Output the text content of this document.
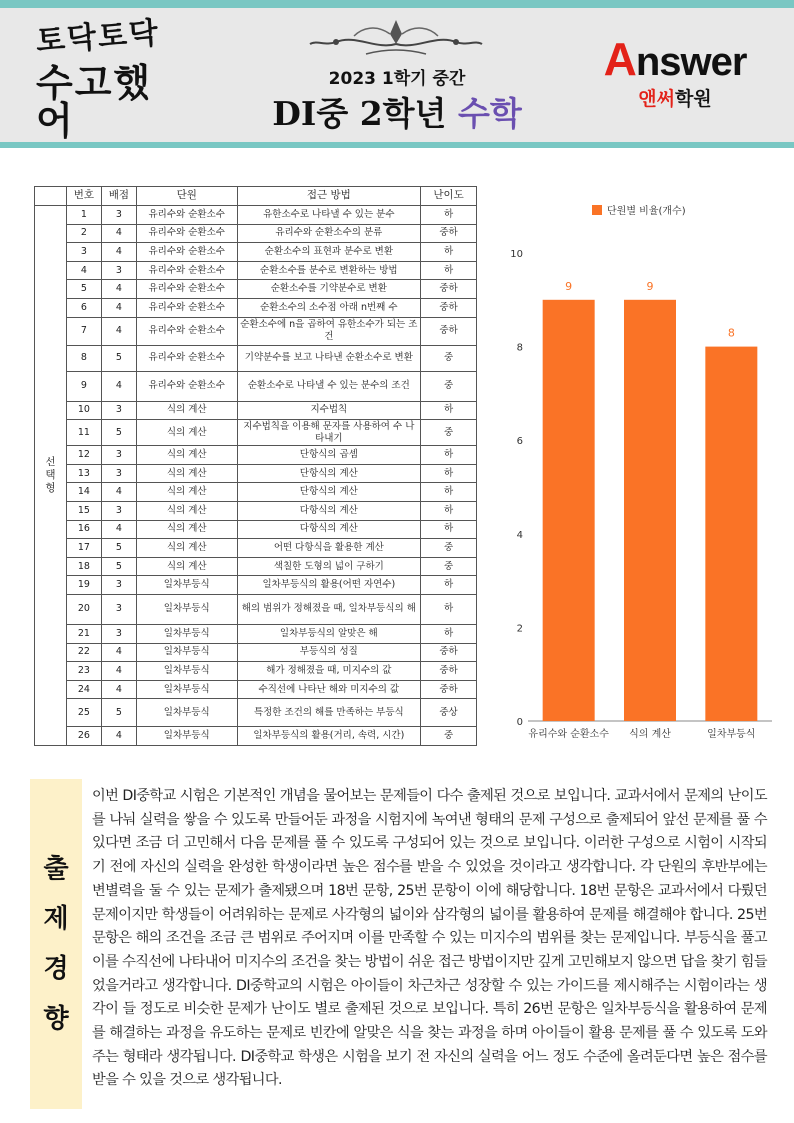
토닥토닥
수고했어
2023 1학기 중간
DI중 2학년 수학
Answer
앤써학원
	번호	배점	단원	접근 방법	난이도
선택형	1	3	유리수와 순환소수	유한소수로 나타낼 수 있는 분수	하
	2	4	유리수와 순환소수	유리수와 순환소수의 분류	중하
	3	4	유리수와 순환소수	순환소수의 표현과 분수로 변환	하
	4	3	유리수와 순환소수	순환소수를 분수로 변환하는 방법	하
	5	4	유리수와 순환소수	순환소수를 기약분수로 변환	중하
	6	4	유리수와 순환소수	순환소수의 소수점 아래 n번째 수	중하
	7	4	유리수와 순환소수	순환소수에 n을 곱하여 유한소수가 되는 조건	중하
	8	5	유리수와 순환소수	기약분수를 보고 나타낸 순환소수로 변환	중
	9	4	유리수와 순환소수	순환소수로 나타낼 수 있는 분수의 조건	중
	10	3	식의 계산	지수법칙	하
	11	5	식의 계산	지수법칙을 이용해 문자를 사용하여 수 나타내기	중
	12	3	식의 계산	단항식의 곱셈	하
	13	3	식의 계산	단항식의 계산	하
	14	4	식의 계산	단항식의 계산	하
	15	3	식의 계산	다항식의 계산	하
	16	4	식의 계산	다항식의 계산	하
	17	5	식의 계산	어떤 다항식을 활용한 계산	중
	18	5	식의 계산	색칠한 도형의 넓이 구하기	중
	19	3	일차부등식	일차부등식의 활용(어떤 자연수)	하
	20	3	일차부등식	해의 범위가 정해졌을 때, 일차부등식의 해	하
	21	3	일차부등식	일차부등식의 알맞은 해	하
	22	4	일차부등식	부등식의 성질	중하
	23	4	일차부등식	해가 정해졌을 때, 미지수의 값	중하
	24	4	일차부등식	수직선에 나타난 해와 미지수의 값	중하
	25	5	일차부등식	특정한 조건의 해를 만족하는 부등식	중상
	26	4	일차부등식	일차부등식의 활용(거리, 속력, 시간)	중
단원별 비율(개수)
0
2
4
6
8
10
9
유리수와 순환소수
9
식의 계산
8
일차부등식
출
제
경
향
이번 DI중학교 시험은 기본적인 개념을 물어보는 문제들이 다수 출제된 것으로 보입니다. 교과서에서 문제의 난이도를 나눠 실력을 쌓을 수 있도록 만들어둔 과정을 시험지에 녹여낸 형태의 문제 구성으로 출제되어 앞선 문제를 풀 수 있다면 조금 더 고민해서 다음 문제를 풀 수 있도록 구성되어 있는 것으로 보입니다. 이러한 구성으로 시험이 시작되기 전에 자신의 실력을 완성한 학생이라면 높은 점수를 받을 수 있었을 것이라고 생각합니다. 각 단원의 후반부에는 변별력을 둘 수 있는 문제가 출제됐으며 18번 문항, 25번 문항이 이에 해당합니다. 18번 문항은 교과서에서 다뤘던 문제이지만 학생들이 어려워하는 문제로 사각형의 넓이와 삼각형의 넓이를 활용하여 문제를 해결해야 합니다. 25번 문항은 해의 조건을 조금 큰 범위로 주어지며 이를 만족할 수 있는 미지수의 범위를 찾는 문제입니다. 부등식을 풀고 이를 수직선에 나타내어 미지수의 조건을 찾는 방법이 쉬운 접근 방법이지만 깊게 고민해보지 않으면 답을 찾기 힘들었을거라고 생각합니다. DI중학교의 시험은 아이들이 차근차근 성장할 수 있는 가이드를 제시해주는 시험이라는 생각이 들 정도로 비슷한 문제가 난이도 별로 출제된 것으로 보입니다. 특히 26번 문항은 일차부등식을 활용하여 문제를 해결하는 과정을 유도하는 문제로 빈칸에 알맞은 식을 찾는 과정을 하며 아이들이 활용 문제를 풀 수 있도록 도와주는 형태라 생각됩니다. DI중학교 학생은 시험을 보기 전 자신의 실력을 어느 정도 수준에 올려둔다면 높은 점수를 받을 수 있을 것으로 생각됩니다.
